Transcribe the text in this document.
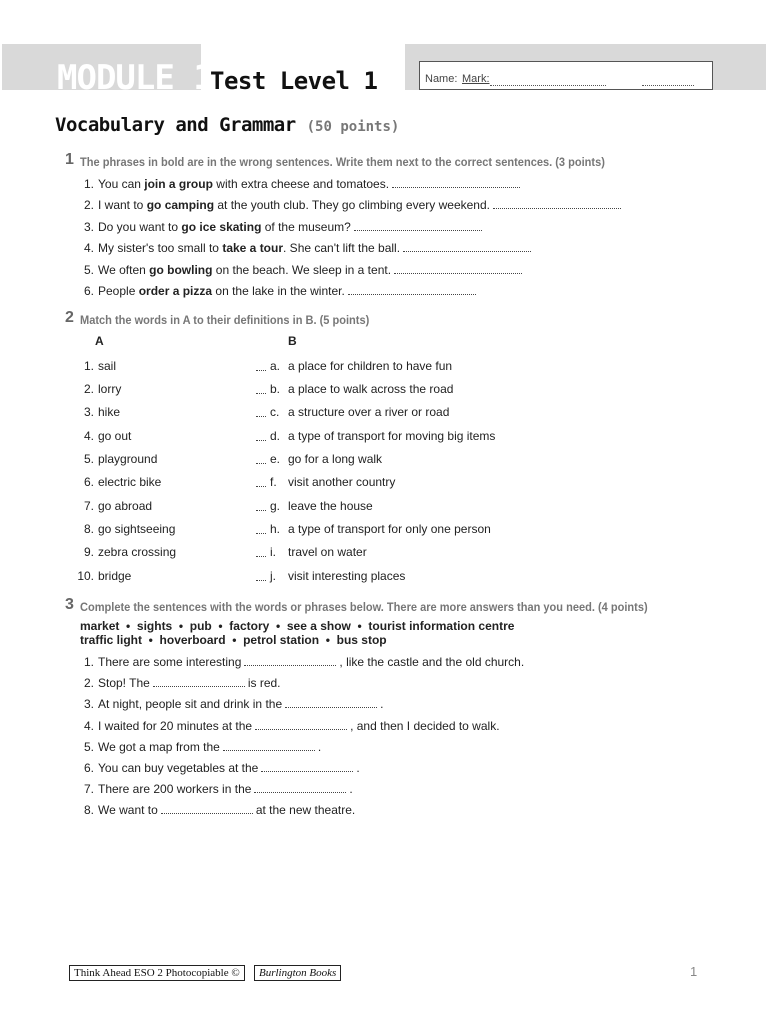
MODULE 1
Test Level 1	Name: Mark:
Vocabulary and Grammar (50 points)
1 The phrases in bold are in the wrong sentences. Write them next to the correct sentences. (3 points)
1. You can join a group with extra cheese and tomatoes.
2. I want to go camping at the youth club. They go climbing every weekend.
3. Do you want to go ice skating of the museum?
4. My sister's too small to take a tour. She can't lift the ball.
5. We often go bowling on the beach. We sleep in a tent.
6. People order a pizza on the lake in the winter.
2 Match the words in A to their definitions in B. (5 points)
A	B
1. sail	a. a place for children to have fun
2. lorry	b. a place to walk across the road
3. hike	c. a structure over a river or road
4. go out	d. a type of transport for moving big items
5. playground	e. go for a long walk
6. electric bike	f. visit another country
7. go abroad	g. leave the house
8. go sightseeing	h. a type of transport for only one person
9. zebra crossing	i. travel on water
10. bridge	j. visit interesting places
3 Complete the sentences with the words or phrases below. There are more answers than you need. (4 points)
market  •  sights  •  pub  •  factory  •  see a show  •  tourist information centre
traffic light  •  hoverboard  •  petrol station  •  bus stop
1. There are some interesting	, like the castle and the old church.
2. Stop! The	is red.
3. At night, people sit and drink in the	.
4. I waited for 20 minutes at the	, and then I decided to walk.
5. We got a map from the	.
6. You can buy vegetables at the	.
7. There are 200 workers in the	.
8. We want to	at the new theatre.
Think Ahead ESO 2 Photocopiable ©	Burlington Books	1
